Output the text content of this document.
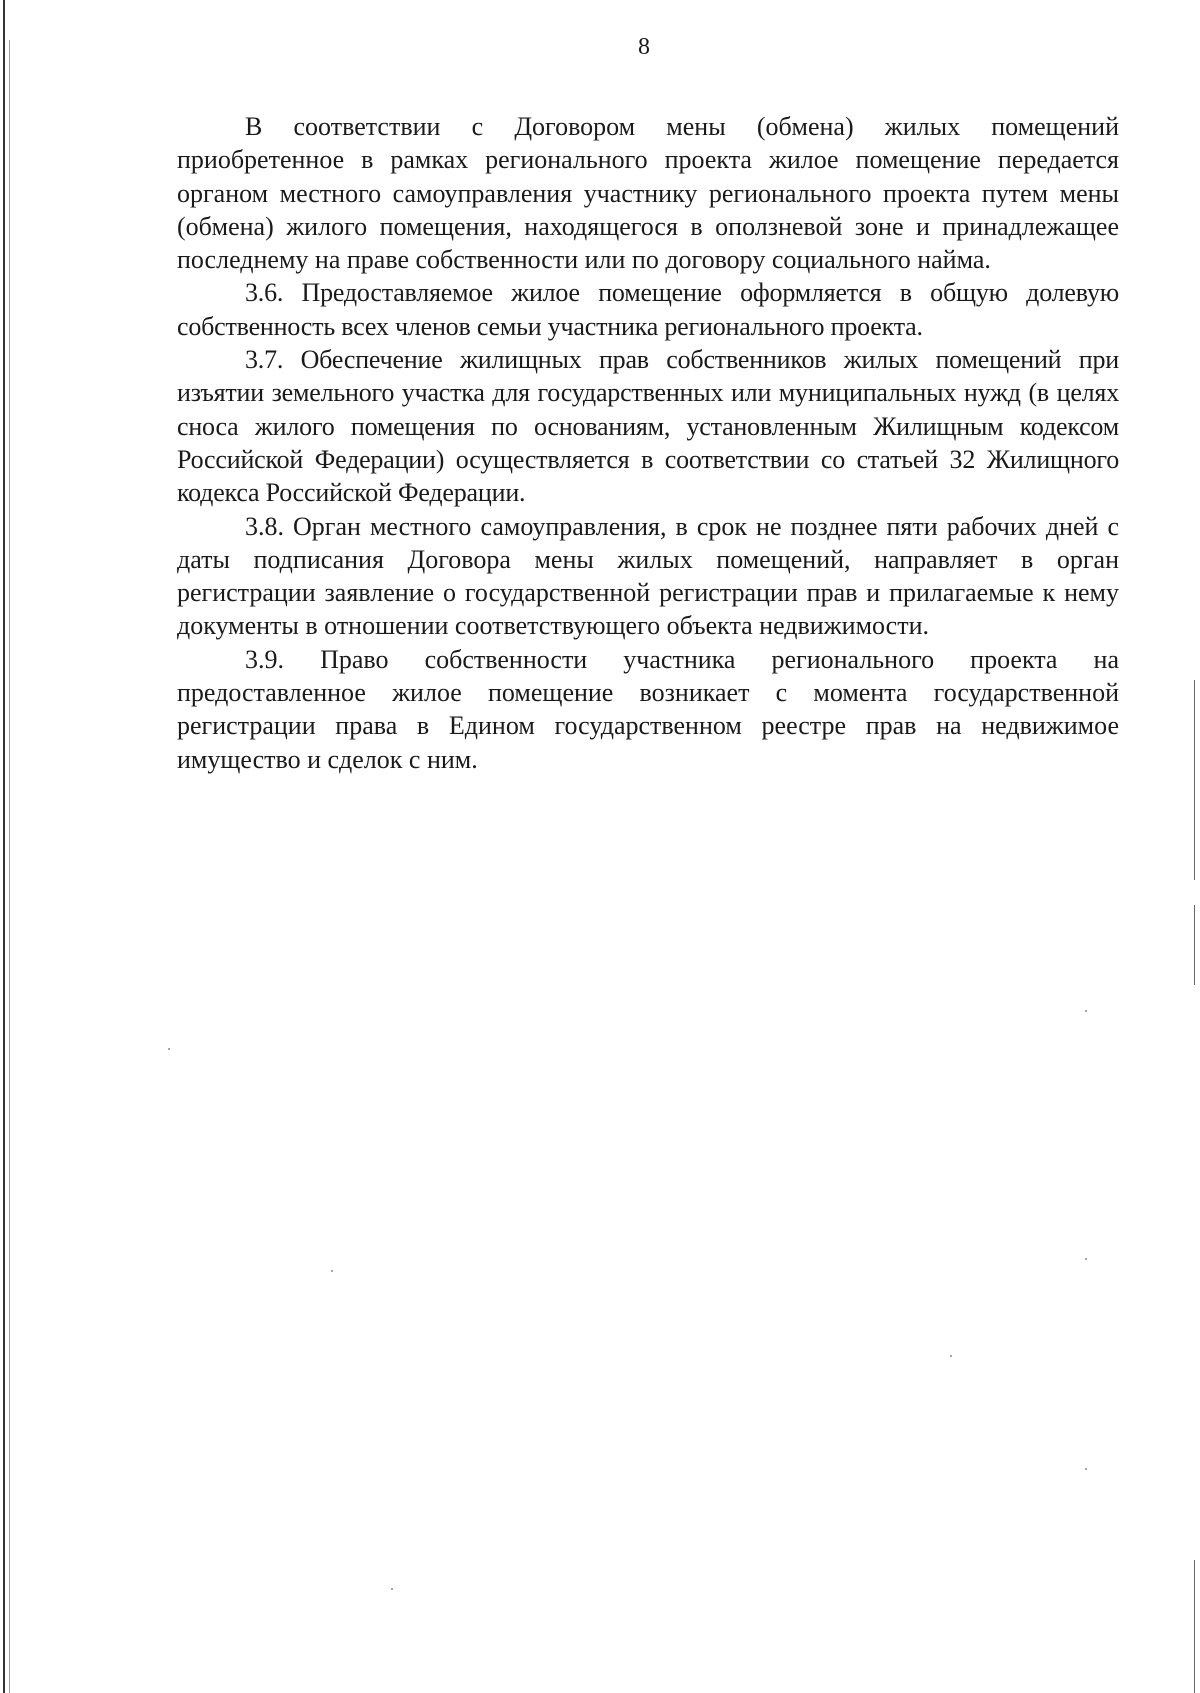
8

В соответствии с Договором мены (обмена) жилых помещений приобретенное в рамках регионального проекта жилое помещение передается органом местного самоуправления участнику регионального проекта путем мены (обмена) жилого помещения, находящегося в оползневой зоне и принадлежащее последнему на праве собственности или по договору социального найма.

3.6. Предоставляемое жилое помещение оформляется в общую долевую собственность всех членов семьи участника регионального проекта.

3.7. Обеспечение жилищных прав собственников жилых помещений при изъятии земельного участка для государственных или муниципальных нужд (в целях сноса жилого помещения по основаниям, установленным Жилищным кодексом Российской Федерации) осуществляется в соответствии со статьей 32 Жилищного кодекса Российской Федерации.

3.8. Орган местного самоуправления, в срок не позднее пяти рабочих дней с даты подписания Договора мены жилых помещений, направляет в орган регистрации заявление о государственной регистрации прав и прилагаемые к нему документы в отношении соответствующего объекта недвижимости.

3.9. Право собственности участника регионального проекта на предоставленное жилое помещение возникает с момента государственной регистрации права в Едином государственном реестре прав на недвижимое имущество и сделок с ним.
